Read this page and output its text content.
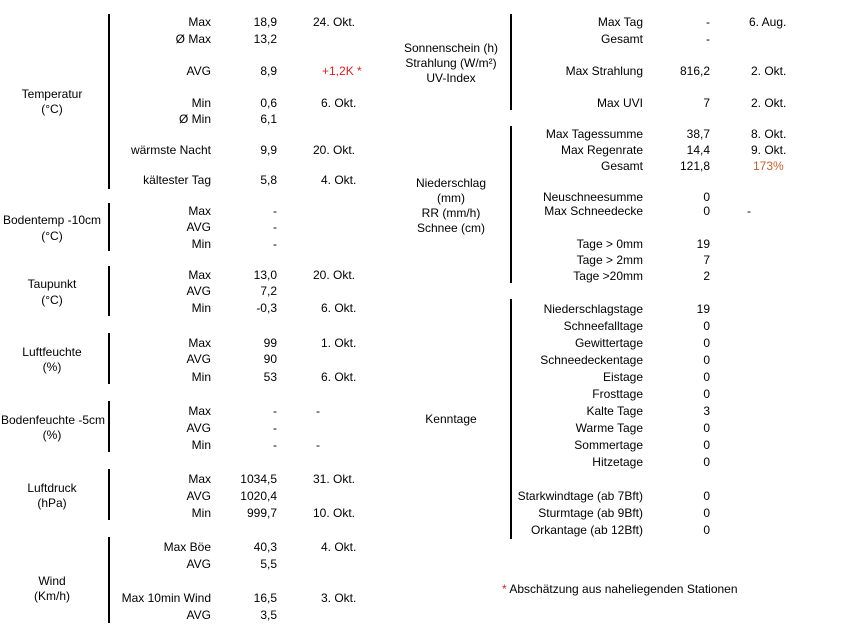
Temperatur
(°C)
Max	18,9	24. Okt.
Ø Max	13,2
AVG	8,9	+1,2K *
Min	0,6	6. Okt.
Ø Min	6,1
wärmste Nacht	9,9	20. Okt.
kältester Tag	5,8	4. Okt.
Bodentemp -10cm
(°C)
Max	-
AVG	-
Min	-
Taupunkt
(°C)
Max	13,0	20. Okt.
AVG	7,2
Min	-0,3	6. Okt.
Luftfeuchte
(%)
Max	99	1. Okt.
AVG	90
Min	53	6. Okt.
Bodenfeuchte -5cm
(%)
Max	-	-
AVG	-
Min	-	-
Luftdruck
(hPa)
Max 1034,5	31. Okt.
AVG 1020,4
Min	999,7	10. Okt.
Wind
(Km/h)
Max Böe	40,3	4. Okt.
AVG	5,5
Max 10min Wind	16,5	3. Okt.
AVG	3,5
Sonnenschein (h)
Strahlung (W/m²)
UV-Index
Max Tag	-	6. Aug.
Gesamt	-
Max Strahlung	816,2	2. Okt.
Max UVI	7	2. Okt.
Niederschlag
(mm)
RR (mm/h)
Schnee (cm)
Max Tagessumme	38,7	8. Okt.
Max Regenrate	14,4	9. Okt.
Gesamt	121,8	173%
Neuschneesumme	0
Max Schneedecke	0	-
Tage > 0mm	19
Tage > 2mm	7
Tage >20mm	2
Kenntage
Niederschlagstage	19
Schneefalltage	0
Gewittertage	0
Schneedeckentage	0
Eistage	0
Frosttage	0
Kalte Tage	3
Warme Tage	0
Sommertage	0
Hitzetage	0
Starkwindtage (ab 7Bft)	0
Sturmtage (ab 9Bft)	0
Orkantage (ab 12Bft)	0
* Abschätzung aus naheliegenden Stationen
